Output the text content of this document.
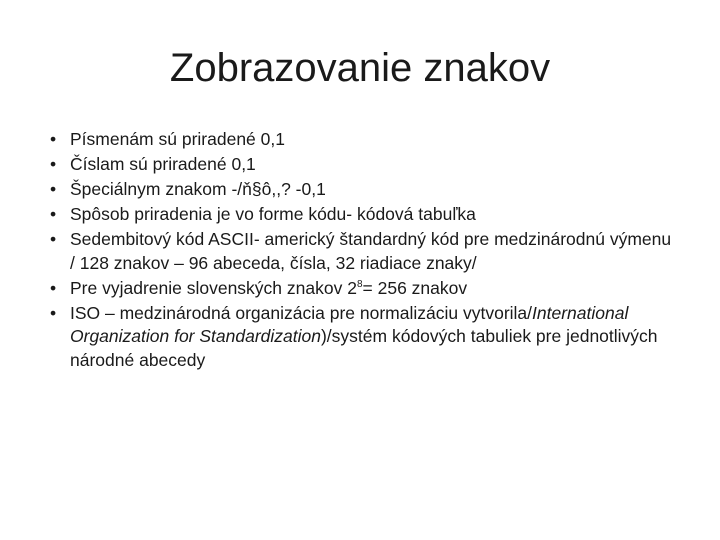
Zobrazovanie znakov
• Písmenám sú priradené 0,1
• Číslam sú priradené 0,1
• Špeciálnym znakom -/ň§ô,,? -0,1
• Spôsob priradenia je vo forme kódu- kódová tabuľka
• Sedembitový kód ASCII- americký štandardný kód pre medzinárodnú výmenu / 128 znakov – 96 abeceda, čísla, 32 riadiace znaky/
• Pre vyjadrenie slovenských znakov $2^8= 256$ znakov
• ISO – medzinárodná organizácia pre normalizáciu vytvorila/International Organization for Standardization)/systém kódových tabuliek pre jednotlivých národné abecedy
